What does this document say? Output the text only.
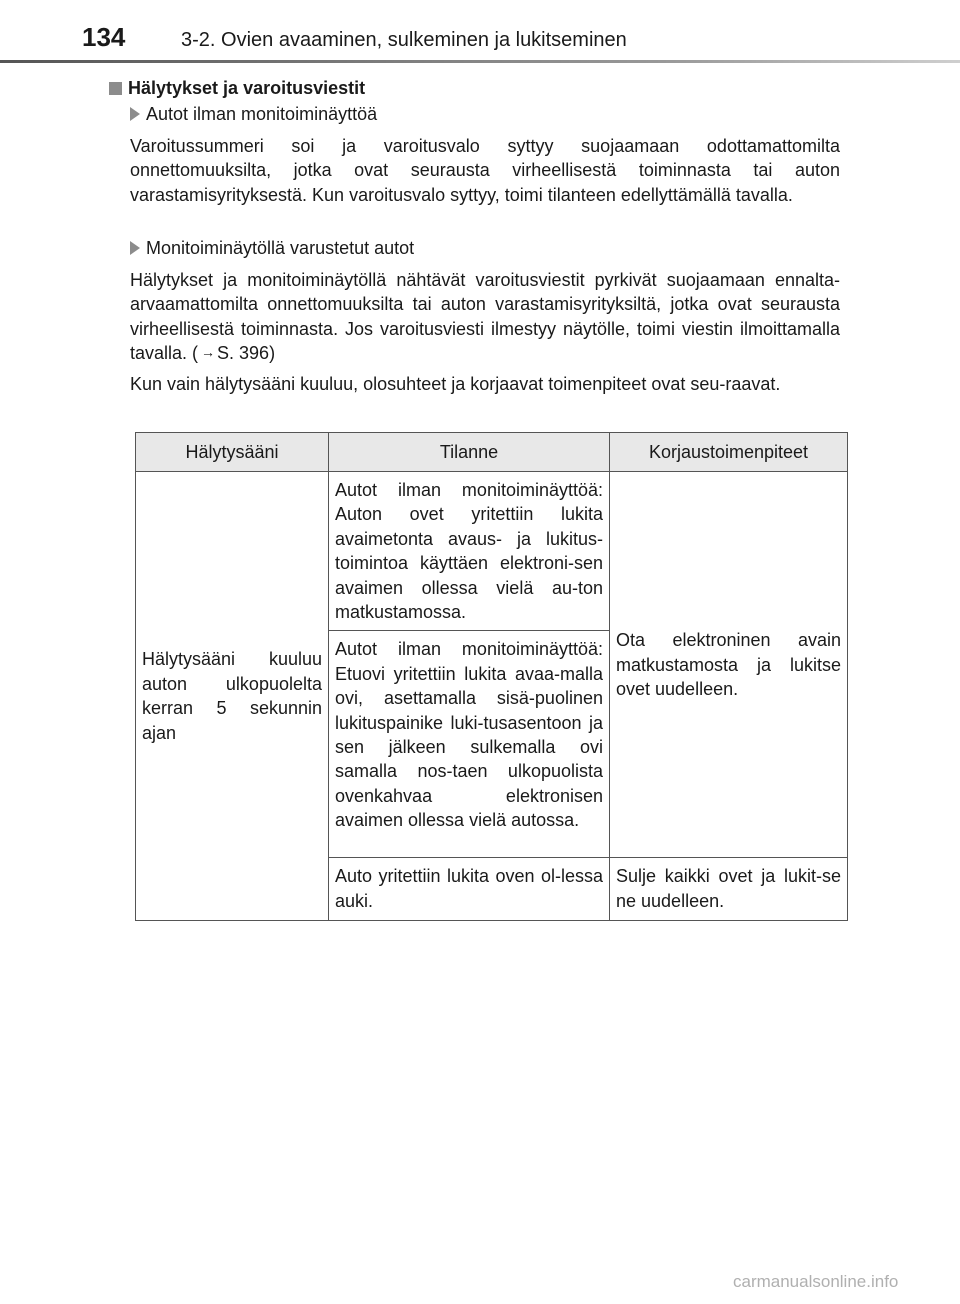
134	3-2. Ovien avaaminen, sulkeminen ja lukitseminen
Hälytykset ja varoitusviestit
Autot ilman monitoiminäyttöä

Varoitussummeri soi ja varoitusvalo syttyy suojaamaan odottamattomilta onnettomuuksilta, jotka ovat seurausta virheellisestä toiminnasta tai auton varastamisyrityksestä. Kun varoitusvalo syttyy, toimi tilanteen edellyttämällä tavalla.

Monitoiminäytöllä varustetut autot

Hälytykset ja monitoiminäytöllä nähtävät varoitusviestit pyrkivät suojaamaan ennalta-arvaamattomilta onnettomuuksilta tai auton varastamisyrityksiltä, jotka ovat seurausta virheellisestä toiminnasta. Jos varoitusviesti ilmestyy näytölle, toimi viestin ilmoittamalla tavalla. ( → S. 396)

Kun vain hälytysääni kuuluu, olosuhteet ja korjaavat toimenpiteet ovat seu-raavat.

Hälytysääni	Tilanne	Korjaustoimenpiteet
Hälytysääni kuuluu auton ulkopuolelta kerran 5 sekunnin ajan	Autot ilman monitoiminäyttöä: Auton ovet yritettiin lukita avaimetonta avaus- ja lukitus-toimintoa käyttäen elektroni-sen avaimen ollessa vielä au-ton matkustamossa.	Ota elektroninen avain matkustamosta ja lukitse ovet uudelleen.
	Autot ilman monitoiminäyttöä: Etuovi yritettiin lukita avaa-malla ovi, asettamalla sisä-puolinen lukituspainike luki-tusasentoon ja sen jälkeen sulkemalla ovi samalla nos-taen ulkopuolista ovenkahvaa elektronisen avaimen ollessa vielä autossa.	
	Auto yritettiin lukita oven ol-lessa auki.	Sulje kaikki ovet ja lukit-se ne uudelleen.
carmanualsonline.info
